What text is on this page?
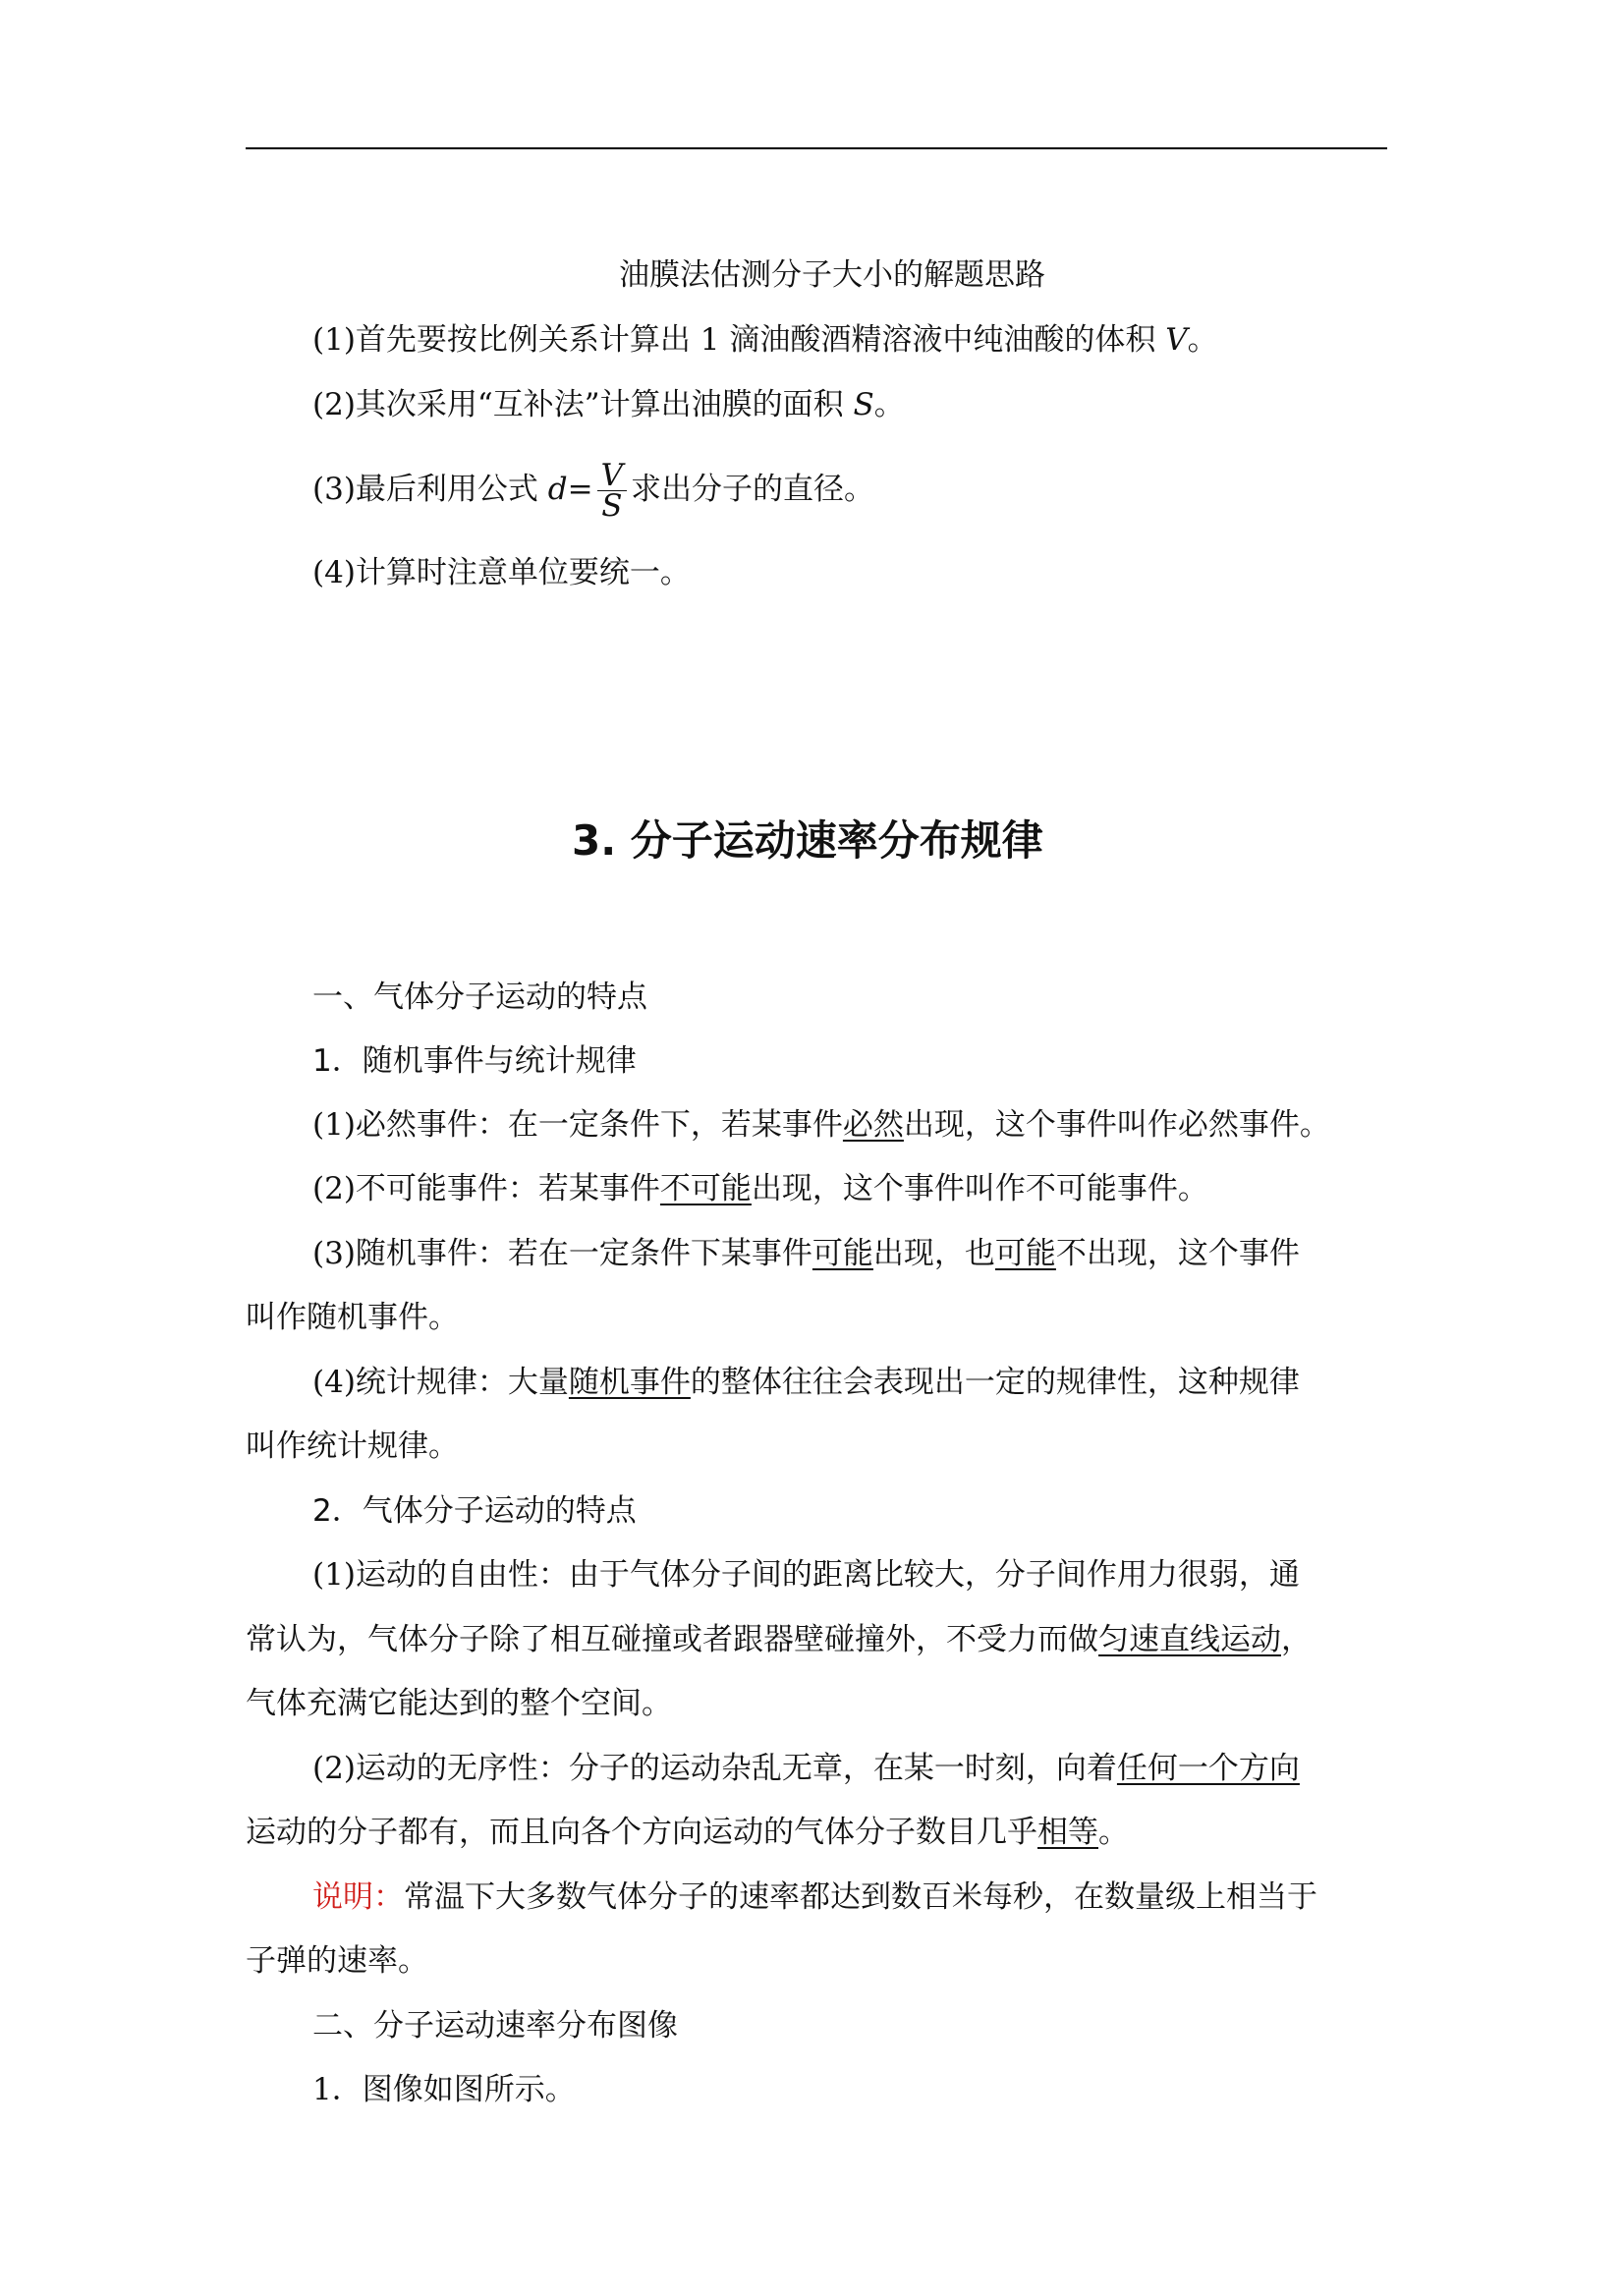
油膜法估测分子大小的解题思路
(1)首先要按比例关系计算出 1 滴油酸酒精溶液中纯油酸的体积 V。
(2)其次采用“互补法”计算出油膜的面积 S。
(3)最后利用公式 $d= \frac{V}{S}$ 求出分子的直径。
(4)计算时注意单位要统一。
3. 分子运动速率分布规律
一、气体分子运动的特点
1．随机事件与统计规律
(1)必然事件：在一定条件下，若某事件必然出现，这个事件叫作必然事件。
(2)不可能事件：若某事件不可能出现，这个事件叫作不可能事件。
(3)随机事件：若在一定条件下某事件可能出现，也可能不出现，这个事件
叫作随机事件。
(4)统计规律：大量随机事件的整体往往会表现出一定的规律性，这种规律
叫作统计规律。
2．气体分子运动的特点
(1)运动的自由性：由于气体分子间的距离比较大，分子间作用力很弱，通
常认为，气体分子除了相互碰撞或者跟器壁碰撞外，不受力而做匀速直线运动，
气体充满它能达到的整个空间。
(2)运动的无序性：分子的运动杂乱无章，在某一时刻，向着任何一个方向
运动的分子都有，而且向各个方向运动的气体分子数目几乎相等。
说明：常温下大多数气体分子的速率都达到数百米每秒，在数量级上相当于
子弹的速率。
二、分子运动速率分布图像
1．图像如图所示。
